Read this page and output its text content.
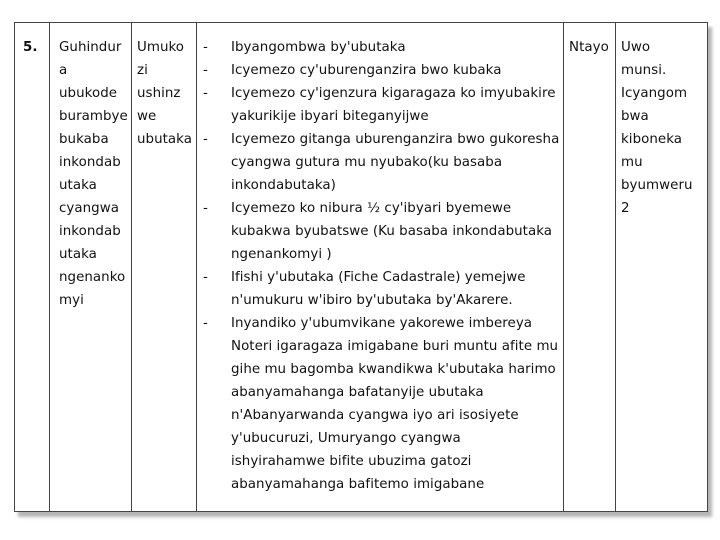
5. Guhindur
a
ubukode
burambye
bukaba
inkondab
utaka
cyangwa
inkondab
utaka
ngenanko
myi
Umuko
zi
ushinz
we
ubutaka
-
-
-
-
-
-
-
Ibyangombwa by'ubutaka
Icyemezo cy'uburenganzira bwo kubaka
Icyemezo cy'igenzura kigaragaza ko imyubakire
yakurikije ibyari biteganyijwe
Icyemezo gitanga uburenganzira bwo gukoresha
cyangwa gutura mu nyubako(ku basaba
inkondabutaka)
Icyemezo ko nibura ½ cy'ibyari byemewe
kubakwa byubatswe (Ku basaba inkondabutaka
ngenankomyi )
Ifishi y'ubutaka (Fiche Cadastrale) yemejwe
n'umukuru w'ibiro by'ubutaka by'Akarere.
Inyandiko y'ubumvikane yakorewe imbereya
Noteri igaragaza imigabane buri muntu afite mu
gihe mu bagomba kwandikwa k'ubutaka harimo
abanyamahanga bafatanyije ubutaka
n'Abanyarwanda cyangwa iyo ari isosiyete
y'ubucuruzi, Umuryango cyangwa
ishyirahamwe bifite ubuzima gatozi
abanyamahanga bafitemo imigabane
Ntayo Uwo
munsi.
Icyangom
bwa
kiboneka
mu
byumweru
2
